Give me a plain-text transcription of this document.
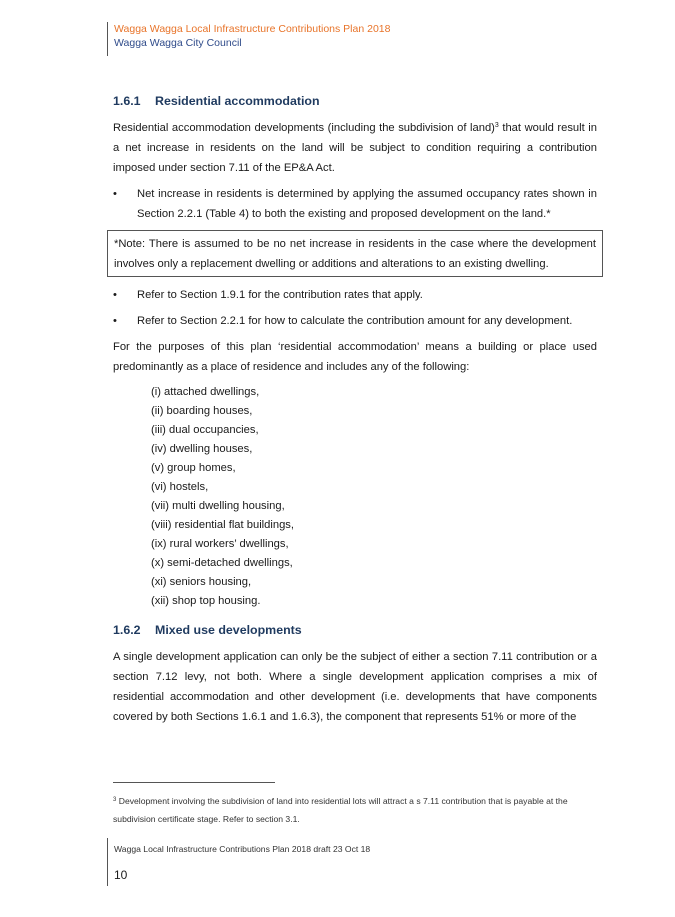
Wagga Wagga Local Infrastructure Contributions Plan 2018
Wagga Wagga City Council
1.6.1 Residential accommodation

Residential accommodation developments (including the subdivision of land)$^3$ that would result in a net increase in residents on the land will be subject to condition requiring a contribution imposed under section 7.11 of the EP&A Act.

• Net increase in residents is determined by applying the assumed occupancy rates shown in Section 2.2.1 (Table 4) to both the existing and proposed development on the land.*
*Note: There is assumed to be no net increase in residents in the case where the development involves only a replacement dwelling or additions and alterations to an existing dwelling.
• Refer to Section 1.9.1 for the contribution rates that apply.
• Refer to Section 2.2.1 for how to calculate the contribution amount for any development.

For the purposes of this plan ‘residential accommodation’ means a building or place used predominantly as a place of residence and includes any of the following:

(i) attached dwellings,
(ii) boarding houses,
(iii) dual occupancies,
(iv) dwelling houses,
(v) group homes,
(vi) hostels,
(vii) multi dwelling housing,
(viii) residential flat buildings,
(ix) rural workers’ dwellings,
(x) semi-detached dwellings,
(xi) seniors housing,
(xii) shop top housing.
1.6.2 Mixed use developments

A single development application can only be the subject of either a section 7.11 contribution or a section 7.12 levy, not both. Where a single development application comprises a mix of residential accommodation and other development (i.e. developments that have components covered by both Sections 1.6.1 and 1.6.3), the component that represents 51% or more of the

$^3$ Development involving the subdivision of land into residential lots will attract a s 7.11 contribution that is payable at the subdivision certificate stage. Refer to section 3.1.
Wagga Local Infrastructure Contributions Plan 2018 draft 23 Oct 18
10
